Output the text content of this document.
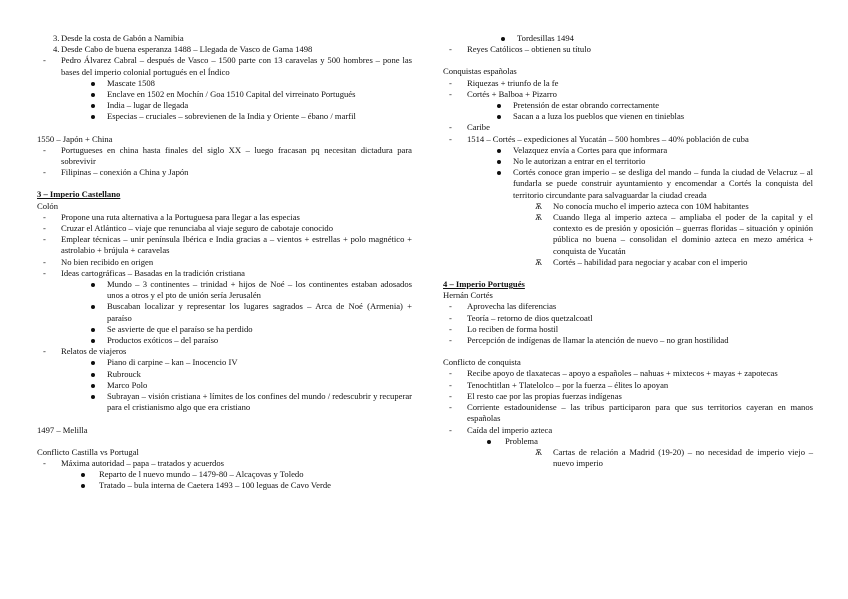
3. Desde la costa de Gabón a Namibia
4. Desde Cabo de buena esperanza 1488 – Llegada de Vasco de Gama 1498
- Pedro Álvarez Cabral – después de Vasco – 1500 parte con 13 caravelas y 500 hombres – pone las bases del imperio colonial portugués en el Índico
Mascate 1508
Enclave en 1502 en Mochín / Goa 1510 Capital del virreinato Portugués
India – lugar de llegada
Especias – cruciales – sobrevienen de la India y Oriente – ébano / marfil
1550 – Japón + China
- Portugueses en china hasta finales del siglo XX – luego fracasan pq necesitan dictadura para sobrevivir
- Filipinas – conexión a China y Japón
3 – Imperio Castellano
Colón
- Propone una ruta alternativa a la Portuguesa para llegar a las especias
- Cruzar el Atlántico – viaje que renunciaba al viaje seguro de cabotaje conocido
- Emplear técnicas – unir península Ibérica e India gracias a – vientos + estrellas + polo magnético + astrolabio + brújula + caravelas
- No bien recibido en origen
- Ideas cartográficas – Basadas en la tradición cristiana
Mundo – 3 continentes – trinidad + hijos de Noé – los continentes estaban adosados unos a otros y el pto de unión sería Jerusalén
Buscaban localizar y representar los lugares sagrados – Arca de Noé (Armenia) + paraíso
Se asvierte de que el paraíso se ha perdido
Productos exóticos – del paraíso
- Relatos de viajeros
Piano di carpine – kan – Inocencio IV
Rubrouck
Marco Polo
Subrayan – visión cristiana + límites de los confines del mundo / redescubrir y recuperar para el cristianismo algo que era cristiano
1497 – Melilla
Conflicto Castilla vs Portugal
- Máxima autoridad – papa – tratados y acuerdos
Reparto de l nuevo mundo – 1479-80 – Alcaçovas y Toledo
Tratado – bula interna de Caetera 1493 – 100 leguas de Cavo Verde
Tordesillas 1494
- Reyes Católicos – obtienen su título
Conquistas españolas
- Riquezas + triunfo de la fe
- Cortés + Balboa + Pizarro
Pretensión de estar obrando correctamente
Sacan a a luza los pueblos que vienen en tinieblas
- Caribe
- 1514 – Cortés – expediciones al Yucatán – 500 hombres – 40% población de cuba
Velazquez envía a Cortes para que informara
No le autorizan a entrar en el territorio
Cortés conoce gran imperio – se desliga del mando – funda la ciudad de Velacruz – al fundarla se puede construir ayuntamiento y encomendar a Cortés la conquista del territorio circundante para salvaguardar la ciudad creada
Ѫ No conocía mucho el imperio azteca con 10M habitantes
Ѫ Cuando llega al imperio azteca – ampliaba el poder de la capital y el contexto es de presión y oposición – guerras floridas – situación y opinión pública no buena – consolidan el dominio azteca en mezo américa + conquista de Yucatán
Ѫ Cortés – habilidad para negociar y acabar con el imperio
4 – Imperio Portugués
Hernán Cortés
- Aprovecha las diferencias
- Teoría – retorno de dios quetzalcoatl
- Lo reciben de forma hostil
- Percepción de indígenas de llamar la atención de nuevo – no gran hostilidad
Conflicto de conquista
- Recibe apoyo de tlaxatecas – apoyo a españoles – nahuas + mixtecos + mayas + zapotecas
- Tenochtitlan + Tlatelolco – por la fuerza – élites lo apoyan
- El resto cae por las propias fuerzas indígenas
- Corriente estadounidense – las tribus participaron para que sus territorios cayeran en manos españolas
- Caída del imperio azteca
Problema
Ѫ Cartas de relación a Madrid (19-20) – no necesidad de imperio viejo – nuevo imperio
